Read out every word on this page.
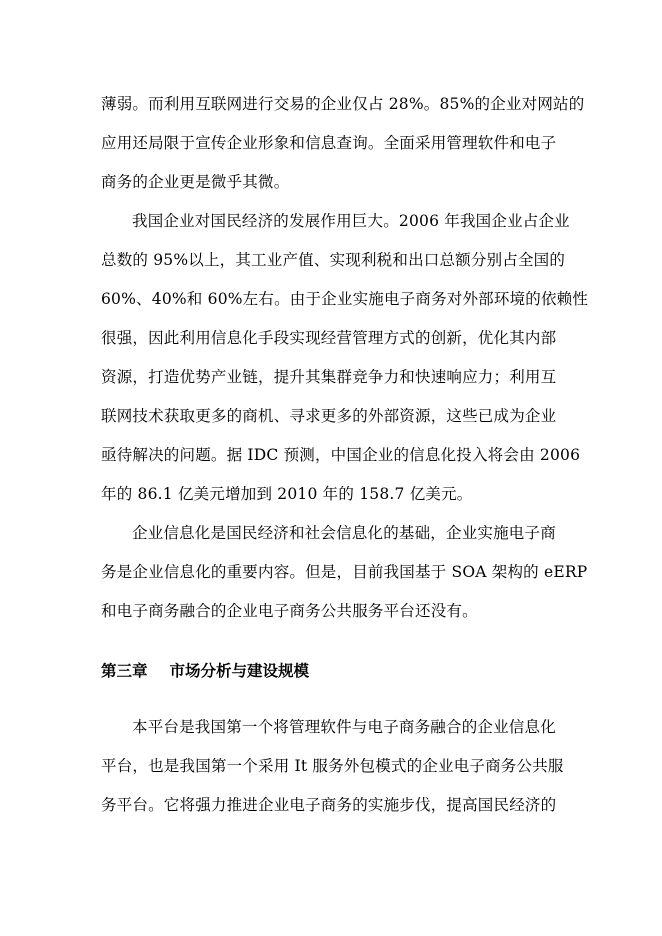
薄弱。而利用互联网进行交易的企业仅占 28%。85%的企业对网站的
应用还局限于宣传企业形象和信息查询。全面采用管理软件和电子
商务的企业更是微乎其微。
我国企业对国民经济的发展作用巨大。2006 年我国企业占企业
总数的 95%以上，其工业产值、实现利税和出口总额分别占全国的
60%、40%和 60%左右。由于企业实施电子商务对外部环境的依赖性
很强，因此利用信息化手段实现经营管理方式的创新，优化其内部
资源，打造优势产业链，提升其集群竞争力和快速响应力；利用互
联网技术获取更多的商机、寻求更多的外部资源，这些已成为企业
亟待解决的问题。据 IDC 预测，中国企业的信息化投入将会由 2006
年的 86.1 亿美元增加到 2010 年的 158.7 亿美元。
企业信息化是国民经济和社会信息化的基础，企业实施电子商
务是企业信息化的重要内容。但是，目前我国基于 SOA 架构的 eERP
和电子商务融合的企业电子商务公共服务平台还没有。
第三章 市场分析与建设规模
本平台是我国第一个将管理软件与电子商务融合的企业信息化
平台，也是我国第一个采用 It 服务外包模式的企业电子商务公共服
务平台。它将强力推进企业电子商务的实施步伐，提高国民经济的
